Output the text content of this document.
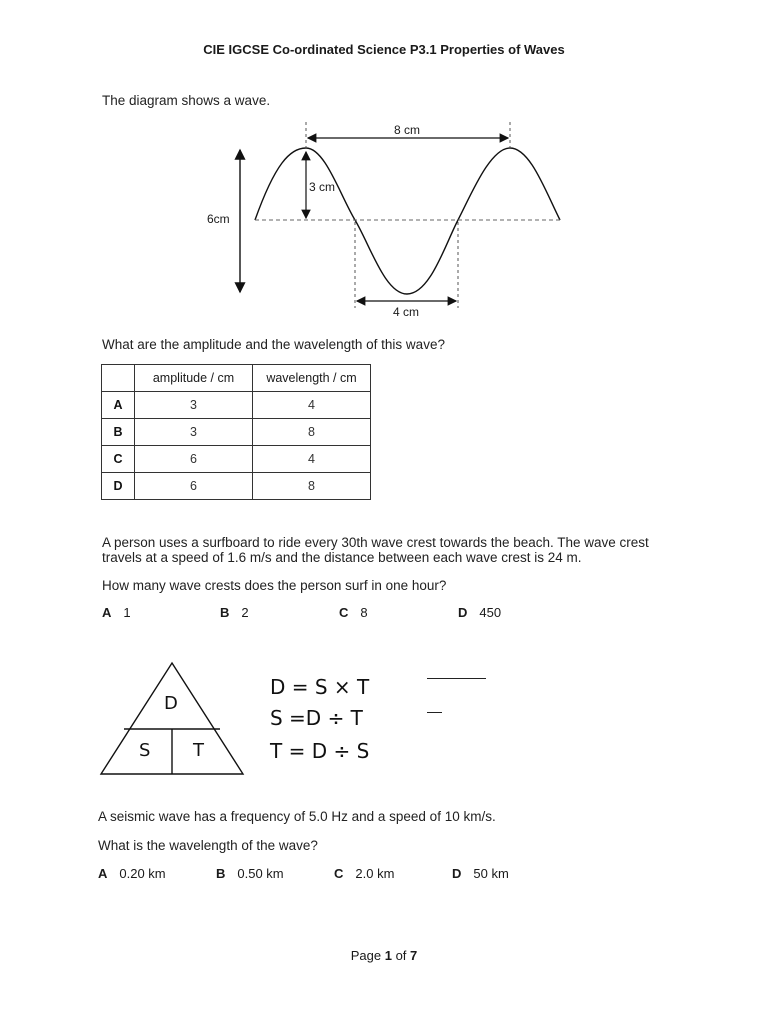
CIE IGCSE Co-ordinated Science P3.1 Properties of Waves
The diagram shows a wave.
8 cm
3 cm
6cm
4 cm
What are the amplitude and the wavelength of this wave?
	amplitude / cm	wavelength / cm
A	3	4
B	3	8
C	6	4
D	6	8
A person uses a surfboard to ride every 30th wave crest towards the beach. The wave crest
travels at a speed of 1.6 m/s and the distance between each wave crest is 24 m.
How many wave crests does the person surf in one hour?
A 1	B 2	C 8	D 450
D
S T
D = S × T
S =D ÷ T
T = D ÷ S
A seismic wave has a frequency of 5.0 Hz and a speed of 10 km/s.
What is the wavelength of the wave?
A 0.20 km	B 0.50 km	C 2.0 km	D 50 km
Page 1 of 7
